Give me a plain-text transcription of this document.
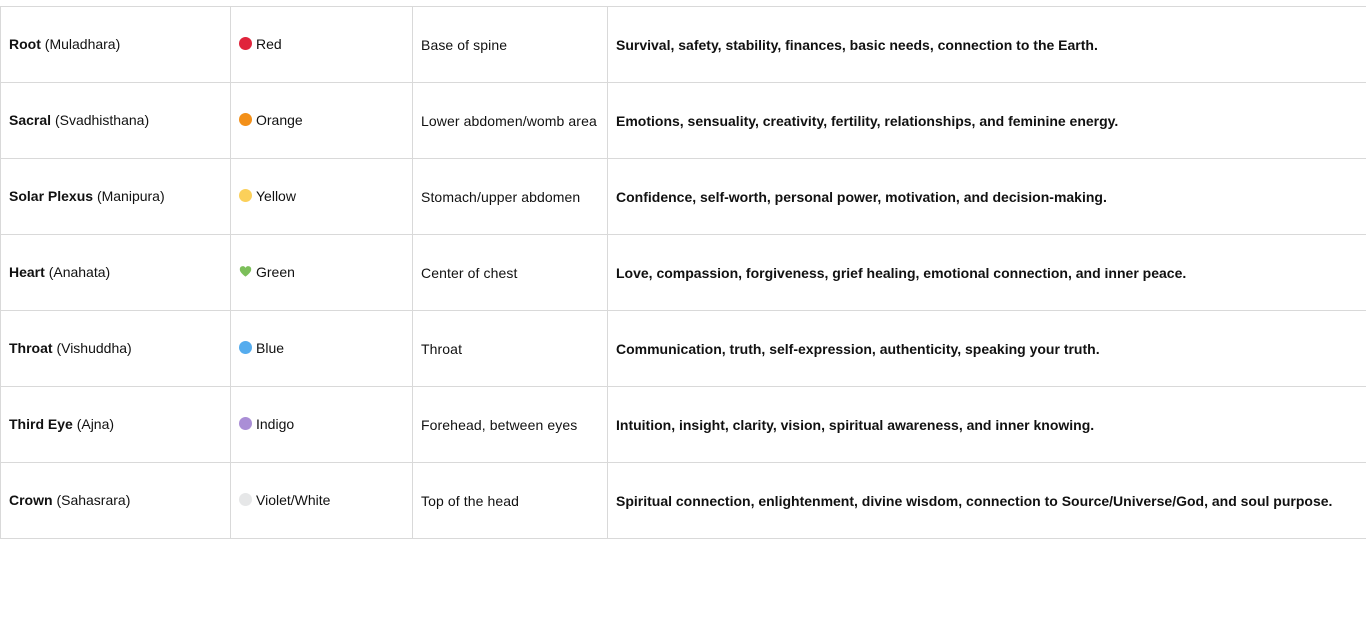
Root (Muladhara)	Red	Base of spine	Survival, safety, stability, finances, basic needs, connection to the Earth.
Sacral (Svadhisthana)	Orange	Lower abdomen/womb area	Emotions, sensuality, creativity, fertility, relationships, and feminine energy.
Solar Plexus (Manipura)	Yellow	Stomach/upper abdomen	Confidence, self-worth, personal power, motivation, and decision-making.
Heart (Anahata)	Green	Center of chest	Love, compassion, forgiveness, grief healing, emotional connection, and inner peace.
Throat (Vishuddha)	Blue	Throat	Communication, truth, self-expression, authenticity, speaking your truth.
Third Eye (Ajna)	Indigo	Forehead, between eyes	Intuition, insight, clarity, vision, spiritual awareness, and inner knowing.
Crown (Sahasrara)	Violet/White	Top of the head	Spiritual connection, enlightenment, divine wisdom, connection to Source/Universe/God, and soul purpose.
